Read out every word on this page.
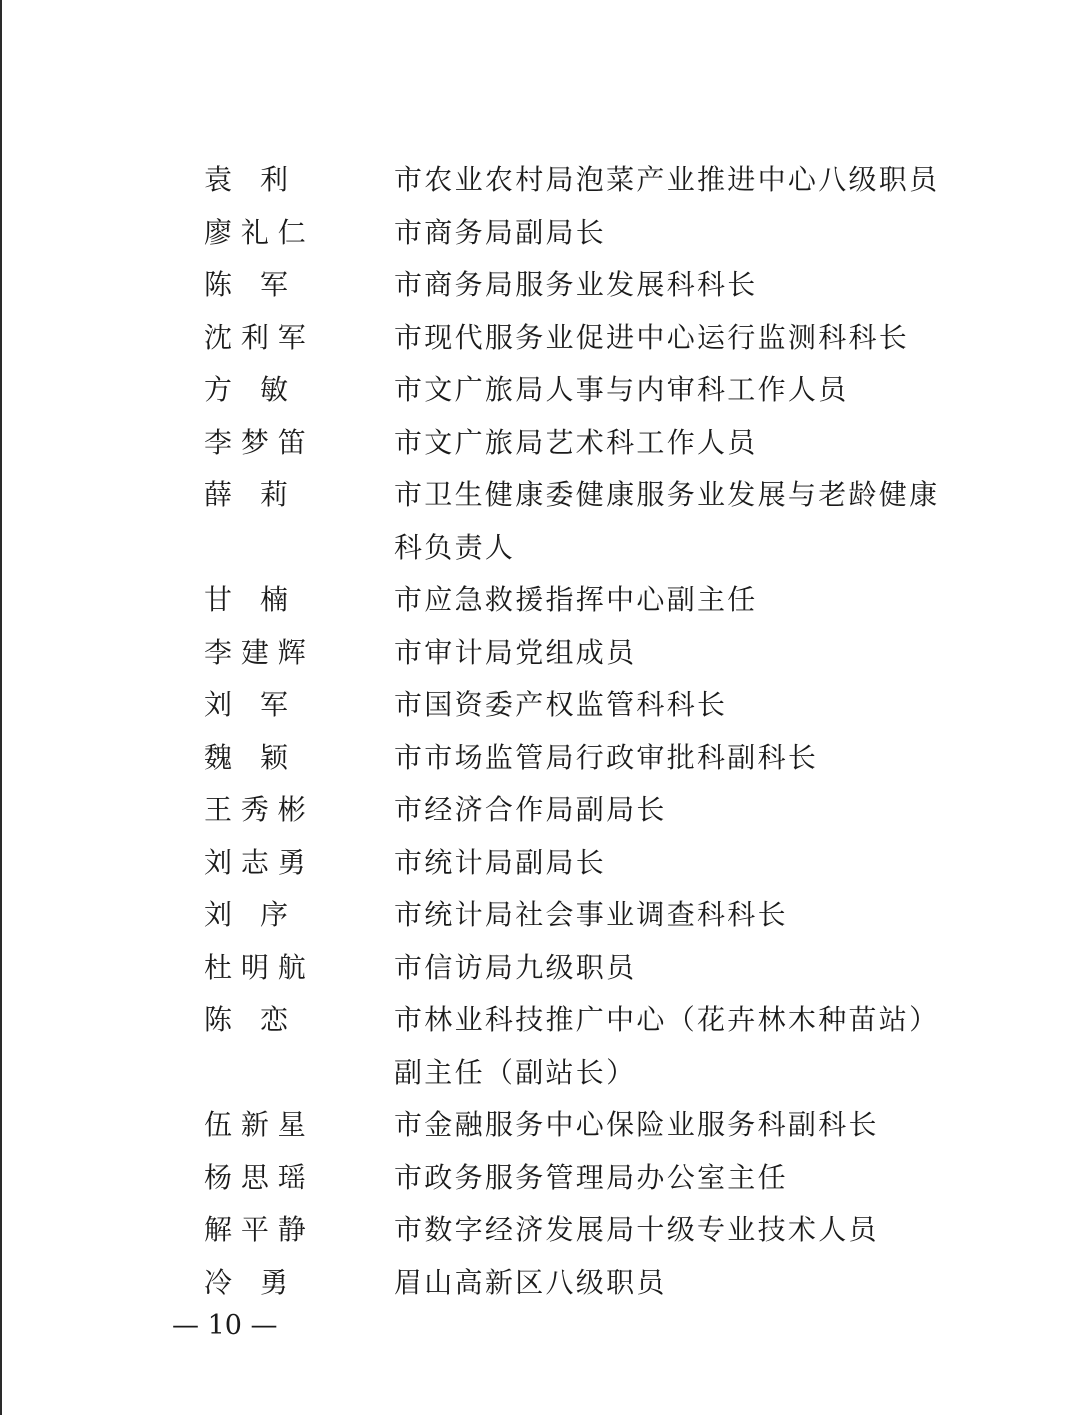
袁 利	市农业农村局泡菜产业推进中心八级职员
廖 礼 仁	市商务局副局长
陈 军	市商务局服务业发展科科长
沈 利 军	市现代服务业促进中心运行监测科科长
方 敏	市文广旅局人事与内审科工作人员
李 梦 笛	市文广旅局艺术科工作人员
薛 莉	市卫生健康委健康服务业发展与老龄健康科负责人
甘 楠	市应急救援指挥中心副主任
李 建 辉	市审计局党组成员
刘 军	市国资委产权监管科科长
魏 颖	市市场监管局行政审批科副科长
王 秀 彬	市经济合作局副局长
刘 志 勇	市统计局副局长
刘 序	市统计局社会事业调查科科长
杜 明 航	市信访局九级职员
陈 恋	市林业科技推广中心（花卉林木种苗站）副主任（副站长）
伍 新 星	市金融服务中心保险业服务科副科长
杨 思 瑶	市政务服务管理局办公室主任
解 平 静	市数字经济发展局十级专业技术人员
冷 勇	眉山高新区八级职员
— 10 —
